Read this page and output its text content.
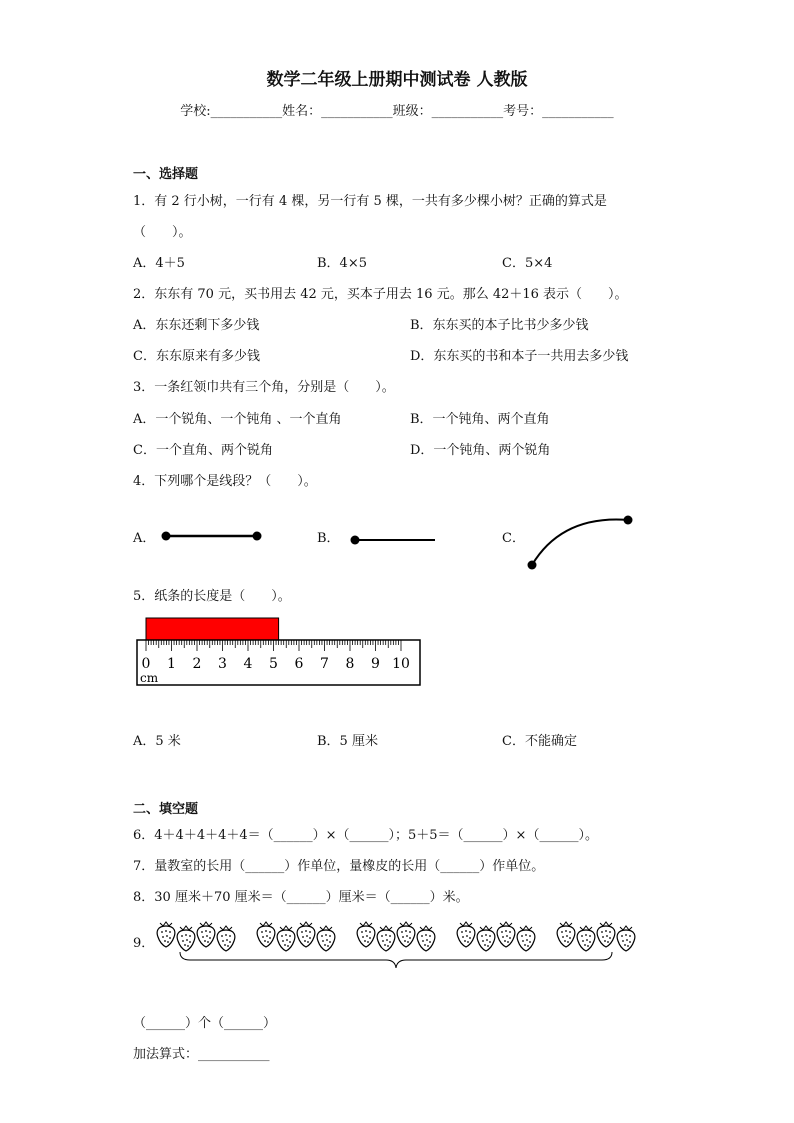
数学二年级上册期中测试卷 人教版
学校:___________姓名：___________班级：___________考号：___________
一、选择题
1．有 2 行小树，一行有 4 棵，另一行有 5 棵，一共有多少棵小树？正确的算式是
（　　）。
A．4＋5	B．4×5	C．5×4
2．东东有 70 元，买书用去 42 元，买本子用去 16 元。那么 42＋16 表示（　　）。
A．东东还剩下多少钱	B．东东买的本子比书少多少钱
C．东东原来有多少钱	D．东东买的书和本子一共用去多少钱
3．一条红领巾共有三个角，分别是（　　）。
A．一个锐角、一个钝角 、一个直角	B．一个钝角、两个直角
C．一个直角、两个锐角	D．一个钝角、两个锐角
4．下列哪个是线段？（　　）。
A．	B．	C．
5．纸条的长度是（　　）。
0 1 2 3 4 5 6 7 8 9 10
cm
A．5 米	B．5 厘米	C．不能确定
二、填空题
6．4＋4＋4＋4＋4＝（______）×（______）；5＋5＝（______）×（______）。
7．量教室的长用（______）作单位，量橡皮的长用（______）作单位。
8．30 厘米＋70 厘米＝（______）厘米＝（______）米。
9．
（______）个（______）
加法算式：___________
